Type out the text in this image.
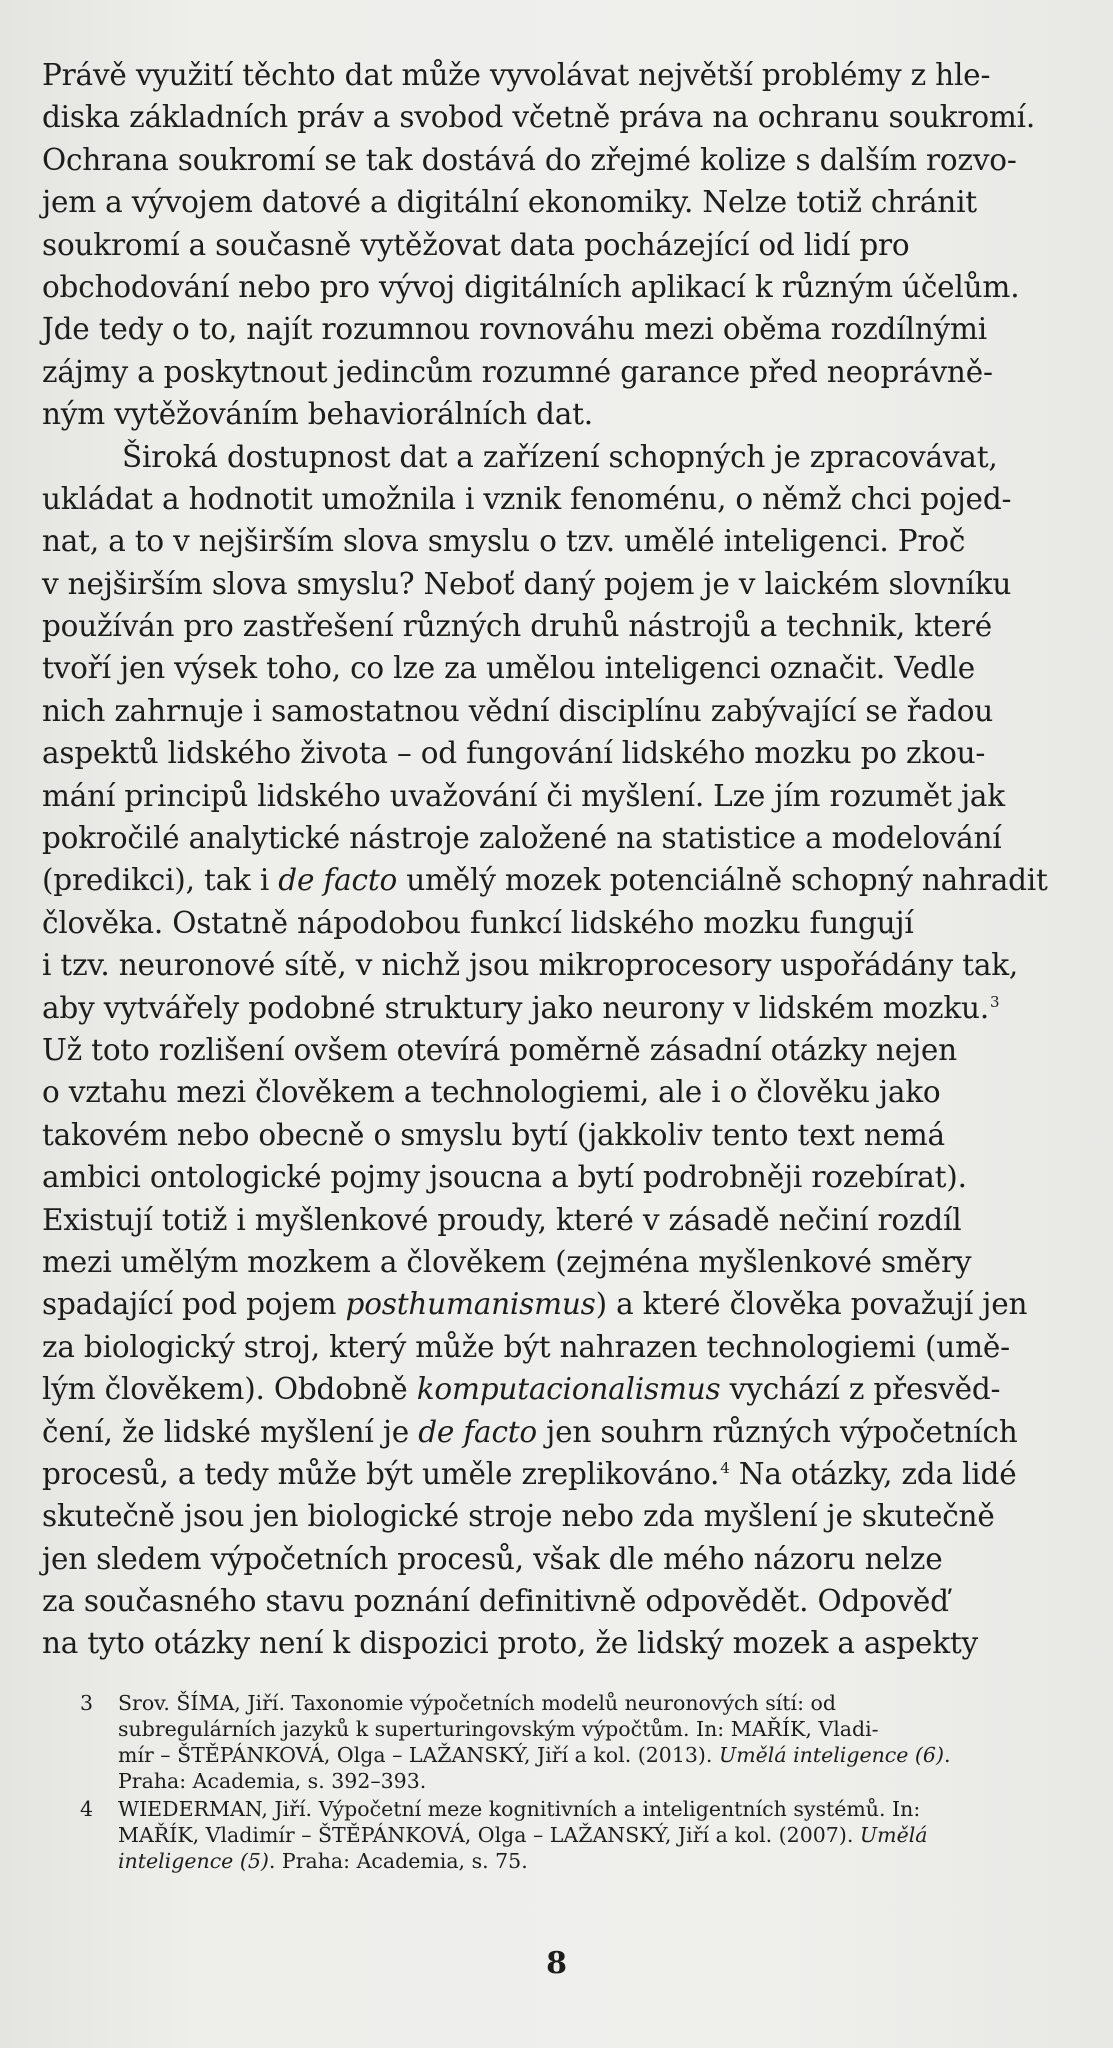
Právě využití těchto dat může vyvolávat největší problémy z hle-
diska základních práv a svobod včetně práva na ochranu soukromí.
Ochrana soukromí se tak dostává do zřejmé kolize s dalším rozvo-
jem a vývojem datové a digitální ekonomiky. Nelze totiž chránit
soukromí a současně vytěžovat data pocházející od lidí pro
obchodování nebo pro vývoj digitálních aplikací k různým účelům.
Jde tedy o to, najít rozumnou rovnováhu mezi oběma rozdílnými
zájmy a poskytnout jedincům rozumné garance před neoprávně-
ným vytěžováním behaviorálních dat.
Široká dostupnost dat a zařízení schopných je zpracovávat,
ukládat a hodnotit umožnila i vznik fenoménu, o němž chci pojed-
nat, a to v nejširším slova smyslu o tzv. umělé inteligenci. Proč
v nejširším slova smyslu? Neboť daný pojem je v laickém slovníku
používán pro zastřešení různých druhů nástrojů a technik, které
tvoří jen výsek toho, co lze za umělou inteligenci označit. Vedle
nich zahrnuje i samostatnou vědní disciplínu zabývající se řadou
aspektů lidského života – od fungování lidského mozku po zkou-
mání principů lidského uvažování či myšlení. Lze jím rozumět jak
pokročilé analytické nástroje založené na statistice a modelování
(predikci), tak i de facto umělý mozek potenciálně schopný nahradit
člověka. Ostatně nápodobou funkcí lidského mozku fungují
i tzv. neuronové sítě, v nichž jsou mikroprocesory uspořádány tak,
aby vytvářely podobné struktury jako neurony v lidském mozku.$^3$
Už toto rozlišení ovšem otevírá poměrně zásadní otázky nejen
o vztahu mezi člověkem a technologiemi, ale i o člověku jako
takovém nebo obecně o smyslu bytí (jakkoliv tento text nemá
ambici ontologické pojmy jsoucna a bytí podrobněji rozebírat).
Existují totiž i myšlenkové proudy, které v zásadě nečiní rozdíl
mezi umělým mozkem a člověkem (zejména myšlenkové směry
spadající pod pojem posthumanismus) a které člověka považují jen
za biologický stroj, který může být nahrazen technologiemi (umě-
lým člověkem). Obdobně komputacionalismus vychází z přesvěd-
čení, že lidské myšlení je de facto jen souhrn různých výpočetních
procesů, a tedy může být uměle zreplikováno.$^4$ Na otázky, zda lidé
skutečně jsou jen biologické stroje nebo zda myšlení je skutečně
jen sledem výpočetních procesů, však dle mého názoru nelze
za současného stavu poznání definitivně odpovědět. Odpověď
na tyto otázky není k dispozici proto, že lidský mozek a aspekty
3	Srov. ŠÍMA, Jiří. Taxonomie výpočetních modelů neuronových sítí: od
subregulárních jazyků k superturingovským výpočtům. In: MAŘÍK, Vladi-
mír – ŠTĚPÁNKOVÁ, Olga – LAŽANSKÝ, Jiří a kol. (2013). Umělá inteligence (6).
Praha: Academia, s. 392–393.
4	WIEDERMAN, Jiří. Výpočetní meze kognitivních a inteligentních systémů. In:
MAŘÍK, Vladimír – ŠTĚPÁNKOVÁ, Olga – LAŽANSKÝ, Jiří a kol. (2007). Umělá
inteligence (5). Praha: Academia, s. 75.
8
